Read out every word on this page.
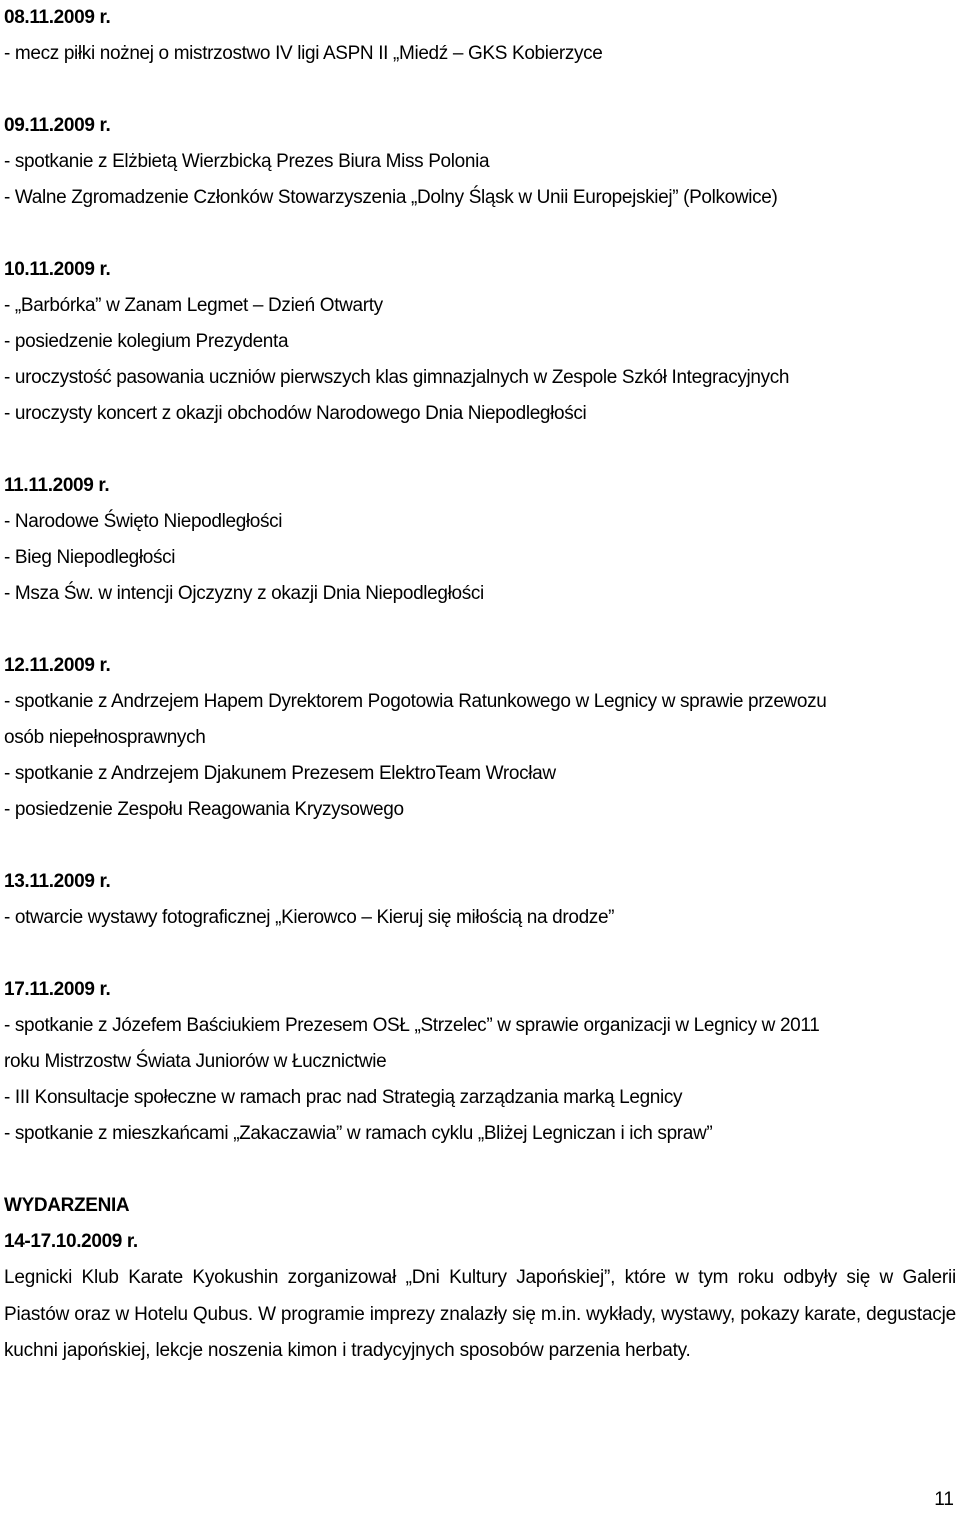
08.11.2009 r.
- mecz piłki nożnej o mistrzostwo IV ligi ASPN II „Miedź – GKS Kobierzyce
09.11.2009 r.
- spotkanie z Elżbietą Wierzbicką Prezes Biura Miss Polonia
- Walne Zgromadzenie Członków Stowarzyszenia „Dolny Śląsk w Unii Europejskiej” (Polkowice)
10.11.2009 r.
- „Barbórka” w Zanam Legmet – Dzień Otwarty
- posiedzenie kolegium Prezydenta
- uroczystość pasowania uczniów pierwszych klas gimnazjalnych w Zespole Szkół Integracyjnych
- uroczysty koncert z okazji obchodów Narodowego Dnia Niepodległości
11.11.2009 r.
- Narodowe Święto Niepodległości
- Bieg Niepodległości
- Msza Św. w intencji Ojczyzny z okazji Dnia Niepodległości
12.11.2009 r.
- spotkanie z Andrzejem Hapem Dyrektorem Pogotowia Ratunkowego w Legnicy w sprawie przewozu
osób niepełnosprawnych
- spotkanie z Andrzejem Djakunem Prezesem ElektroTeam Wrocław
- posiedzenie Zespołu Reagowania Kryzysowego
13.11.2009 r.
- otwarcie wystawy fotograficznej „Kierowco – Kieruj się miłością na drodze”
17.11.2009 r.
- spotkanie z Józefem Baściukiem Prezesem OSŁ „Strzelec” w sprawie organizacji w Legnicy w 2011
roku Mistrzostw Świata Juniorów w Łucznictwie
- III Konsultacje społeczne w ramach prac nad Strategią zarządzania marką Legnicy
- spotkanie z mieszkańcami „Zakaczawia” w ramach cyklu „Bliżej Legniczan i ich spraw”
WYDARZENIA
14-17.10.2009 r.

Legnicki Klub Karate Kyokushin zorganizował „Dni Kultury Japońskiej”, które w tym roku odbyły się w Galerii Piastów oraz w Hotelu Qubus. W programie imprezy znalazły się m.in. wykłady, wystawy, pokazy karate, degustacje kuchni japońskiej, lekcje noszenia kimon i tradycyjnych sposobów parzenia herbaty.

11
